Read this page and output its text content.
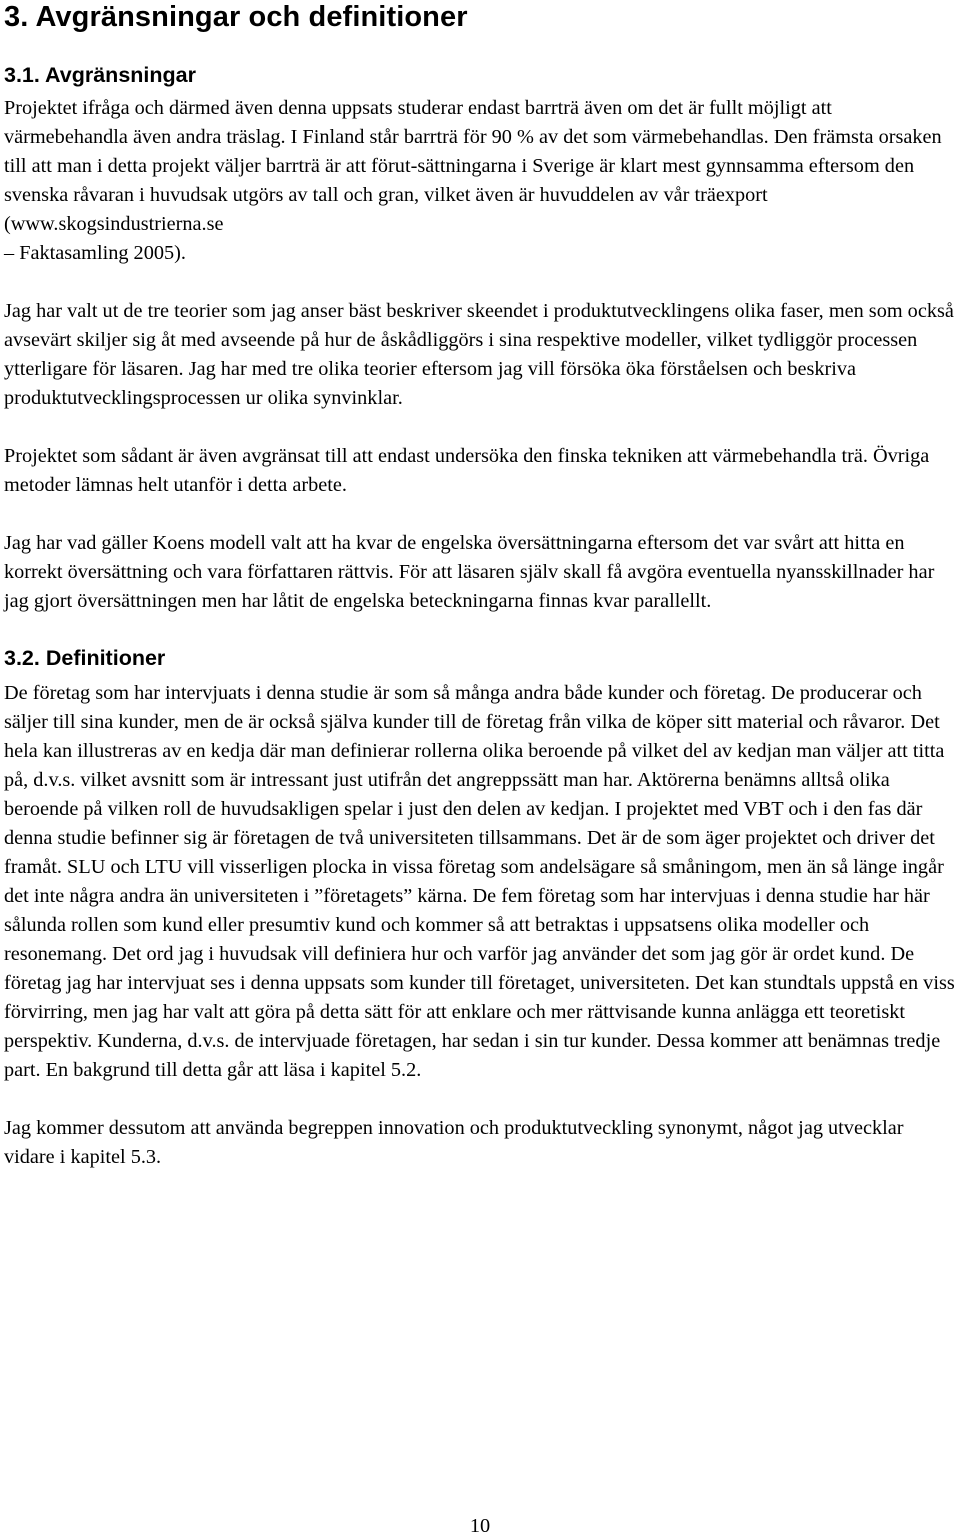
3. Avgränsningar och definitioner
3.1. Avgränsningar

Projektet ifråga och därmed även denna uppsats studerar endast barrträ även om det är fullt möjligt att värmebehandla även andra träslag. I Finland står barrträ för 90 % av det som värmebehandlas. Den främsta orsaken till att man i detta projekt väljer barrträ är att förut-sättningarna i Sverige är klart mest gynnsamma eftersom den svenska råvaran i huvudsak utgörs av tall och gran, vilket även är huvuddelen av vår träexport (www.skogsindustrierna.se
– Faktasamling 2005).

Jag har valt ut de tre teorier som jag anser bäst beskriver skeendet i produktutvecklingens olika faser, men som också avsevärt skiljer sig åt med avseende på hur de åskådliggörs i sina respektive modeller, vilket tydliggör processen ytterligare för läsaren. Jag har med tre olika teorier eftersom jag vill försöka öka förståelsen och beskriva produktutvecklingsprocessen ur olika synvinklar.

Projektet som sådant är även avgränsat till att endast undersöka den finska tekniken att värmebehandla trä. Övriga metoder lämnas helt utanför i detta arbete.

Jag har vad gäller Koens modell valt att ha kvar de engelska översättningarna eftersom det var svårt att hitta en korrekt översättning och vara författaren rättvis. För att läsaren själv skall få avgöra eventuella nyansskillnader har jag gjort översättningen men har låtit de engelska beteckningarna finnas kvar parallellt.

3.2. Definitioner

De företag som har intervjuats i denna studie är som så många andra både kunder och företag. De producerar och säljer till sina kunder, men de är också själva kunder till de företag från vilka de köper sitt material och råvaror. Det hela kan illustreras av en kedja där man definierar rollerna olika beroende på vilket del av kedjan man väljer att titta på, d.v.s. vilket avsnitt som är intressant just utifrån det angreppssätt man har. Aktörerna benämns alltså olika beroende på vilken roll de huvudsakligen spelar i just den delen av kedjan. I projektet med VBT och i den fas där denna studie befinner sig är företagen de två universiteten tillsammans. Det är de som äger projektet och driver det framåt. SLU och LTU vill visserligen plocka in vissa företag som andelsägare så småningom, men än så länge ingår det inte några andra än universiteten i ”företagets” kärna. De fem företag som har intervjuas i denna studie har här sålunda rollen som kund eller presumtiv kund och kommer så att betraktas i uppsatsens olika modeller och resonemang. Det ord jag i huvudsak vill definiera hur och varför jag använder det som jag gör är ordet kund. De företag jag har intervjuat ses i denna uppsats som kunder till företaget, universiteten. Det kan stundtals uppstå en viss förvirring, men jag har valt att göra på detta sätt för att enklare och mer rättvisande kunna anlägga ett teoretiskt perspektiv. Kunderna, d.v.s. de intervjuade företagen, har sedan i sin tur kunder. Dessa kommer att benämnas tredje part. En bakgrund till detta går att läsa i kapitel 5.2.

Jag kommer dessutom att använda begreppen innovation och produktutveckling synonymt, något jag utvecklar vidare i kapitel 5.3.

10
